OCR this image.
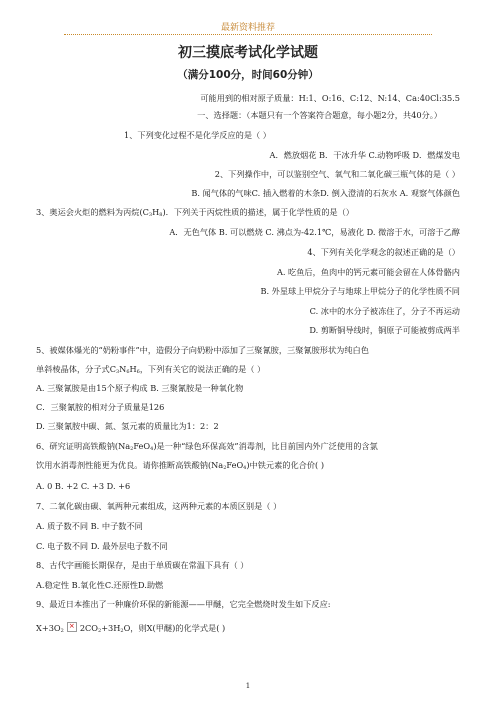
最新资料推荐
初三摸底考试化学试题
（满分100分，时间60分钟）
可能用到的相对原子质量：H:1、O:16、C:12、N:14、Ca:40Cl:35.5
一、选择题：（本题只有一个答案符合题意，每小题2分，共40分。）
1、下列变化过程不是化学反应的是（ ）
A．燃放烟花 B．干冰升华 C.动物呼吸 D．燃煤发电
2、下列操作中，可以鉴别空气、氧气和二氧化碳三瓶气体的是（ ）
B. 闻气体的气味C. 插入燃着的木条D. 倒入澄清的石灰水 A. 观察气体颜色
3、奥运会火炬的燃料为丙烷$(C_3H_8)$．下列关于丙烷性质的描述，属于化学性质的是（）
A．无色气体 B. 可以燃烧 C. 沸点为-42.1℃，易液化 D. 微溶于水，可溶于乙醇
4、下列有关化学观念的叙述正确的是（）
A. 吃鱼后，鱼肉中的钙元素可能会留在人体骨骼内
B. 外星球上甲烷分子与地球上甲烷分子的化学性质不同
C. 冰中的水分子被冻住了，分子不再运动
D. 剪断铜导线时，铜原子可能被剪成两半
5、被媒体爆光的“奶粉事件”中，造假分子向奶粉中添加了三聚氰胺，三聚氰胺形状为纯白色
单斜棱晶体，分子式$C_3N_6H_6$，下列有关它的说法正确的是（ ）
A. 三聚氰胺是由15个原子构成 B. 三聚氰胺是一种氧化物
C．三聚氰胺的相对分子质量是126
D. 三聚氰胺中碳、氮、氢元素的质量比为1：2：2
6、研究证明高铁酸钠$(Na_2FeO_4)$是一种“绿色环保高效”消毒剂，比目前国内外广泛使用的含氯
饮用水消毒剂性能更为优良。请你推断高铁酸钠$(Na_2FeO_4)$中铁元素的化合价( )
A. 0 B. +2 C. +3 D. +6
7、二氧化碳由碳、氧两种元素组成，这两种元素的本质区别是（ ）
A. 质子数不同 B. 中子数不同
C. 电子数不同 D. 最外层电子数不同
8、古代字画能长期保存，是由于单质碳在常温下具有（ ）
A.稳定性 B.氧化性C.还原性D.助燃
9、最近日本推出了一种廉价环保的新能源——甲醚，它完全燃烧时发生如下反应:
$X+3O_2\times 2CO_2+3H_2O$，则X(甲醚)的化学式是( )
1
